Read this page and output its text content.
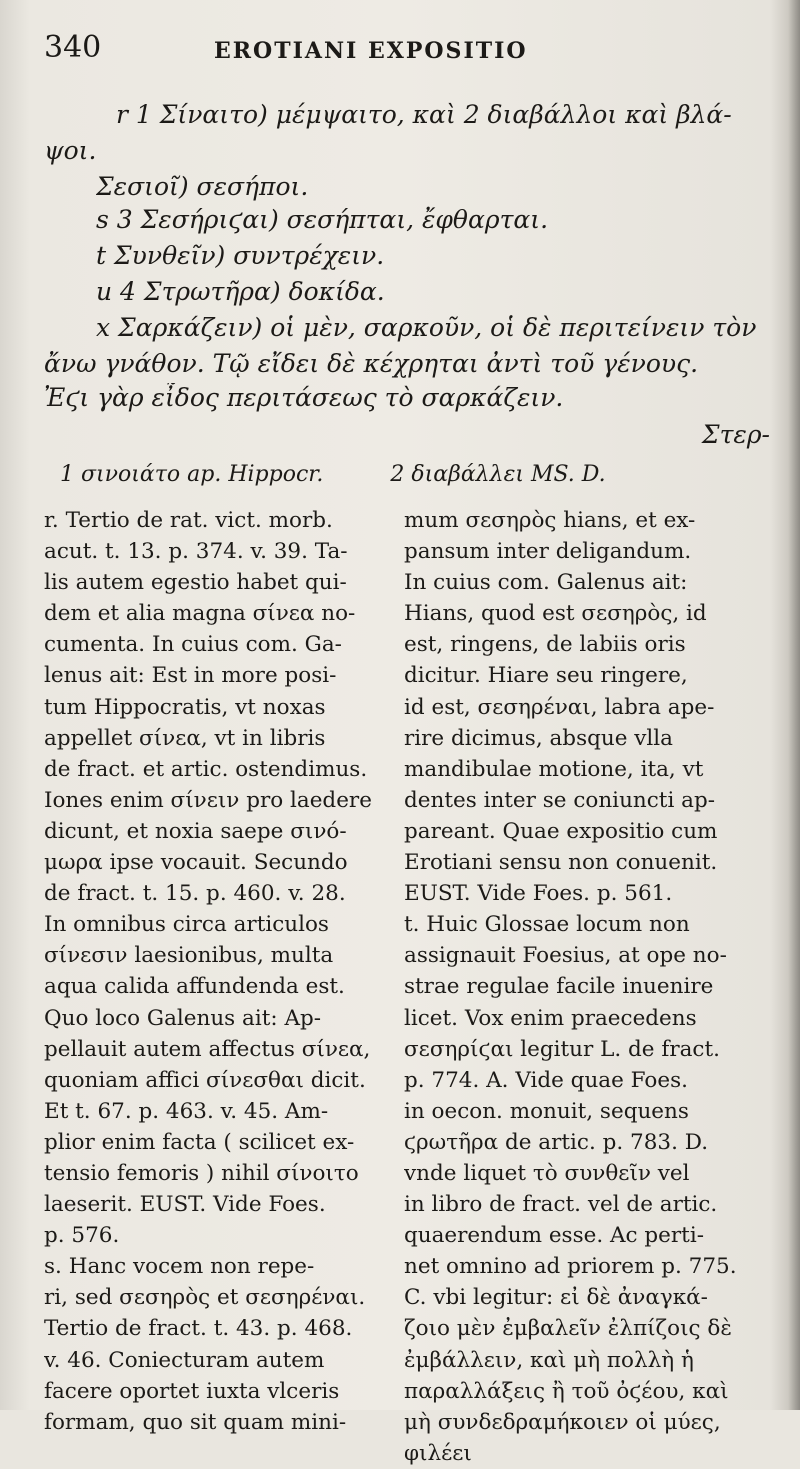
340	EROTIANI EXPOSITIO
r 1 Σίναιτο) μέμψαιτο, καὶ 2 διαβάλλοι καὶ βλά-
ψοι.
Σεσιοῖ) σεσήποι.
s 3 Σεσήριϛαι) σεσήπται, ἔφθαρται.
t Συνθεῖν) συντρέχειν.
u 4 Στρωτῆρα) δοκίδα.
x Σαρκάζειν) οἱ μὲν, σαρκοῦν, οἱ δὲ περιτείνειν τὸν
ἄνω γνάθον. Τῷ εἴδει δὲ κέχρηται ἀντὶ τοῦ γένους.
Ἐϛι γὰρ εἶδος περιτάσεως τὸ σαρκάζειν.
Στερ-
1 σινοιάτο ap. Hippocr.	2 διαβάλλει MS. D.
r. Tertio de rat. vict. morb.
acut. t. 13. p. 374. v. 39. Ta-
lis autem egestio habet qui-
dem et alia magna σίνεα no-
cumenta. In cuius com. Ga-
lenus ait: Est in more posi-
tum Hippocratis, vt noxas
appellet σίνεα, vt in libris
de fract. et artic. ostendimus.
Iones enim σίνειν pro laedere
dicunt, et noxia saepe σινό-
μωρα ipse vocauit. Secundo
de fract. t. 15. p. 460. v. 28.
In omnibus circa articulos
σίνεσιν laesionibus, multa
aqua calida affundenda est.
Quo loco Galenus ait: Ap-
pellauit autem affectus σίνεα,
quoniam affici σίνεσθαι dicit.
Et t. 67. p. 463. v. 45. Am-
plior enim facta ( scilicet ex-
tensio femoris ) nihil σίνοιτο
laeserit. EUST. Vide Foes.
p. 576.
s. Hanc vocem non repe-
ri, sed σεσηρὸς et σεσηρέναι.
Tertio de fract. t. 43. p. 468.
v. 46. Coniecturam autem
facere oportet iuxta vlceris
formam, quo sit quam mini-
mum σεσηρὸς hians, et ex-
pansum inter deligandum.
In cuius com. Galenus ait:
Hians, quod est σεσηρὸς, id
est, ringens, de labiis oris
dicitur. Hiare seu ringere,
id est, σεσηρέναι, labra ape-
rire dicimus, absque vlla
mandibulae motione, ita, vt
dentes inter se coniuncti ap-
pareant. Quae expositio cum
Erotiani sensu non conuenit.
EUST. Vide Foes. p. 561.
t. Huic Glossae locum non
assignauit Foesius, at ope no-
strae regulae facile inuenire
licet. Vox enim praecedens
σεσηρίϛαι legitur L. de fract.
p. 774. A. Vide quae Foes.
in oecon. monuit, sequens
ϛρωτῆρα de artic. p. 783. D.
vnde liquet τὸ συνθεῖν vel
in libro de fract. vel de artic.
quaerendum esse. Ac perti-
net omnino ad priorem p. 775.
C. vbi legitur: εἰ δὲ ἀναγκά-
ζοιο μὲν ἐμβαλεῖν ἐλπίζοις δὲ
ἐμβάλλειν, καὶ μὴ πολλὴ ἡ
παραλλάξεις ἢ τοῦ ὀϛέου, καὶ
μὴ συνδεδραμήκοιεν οἱ μύες,
φιλέει
